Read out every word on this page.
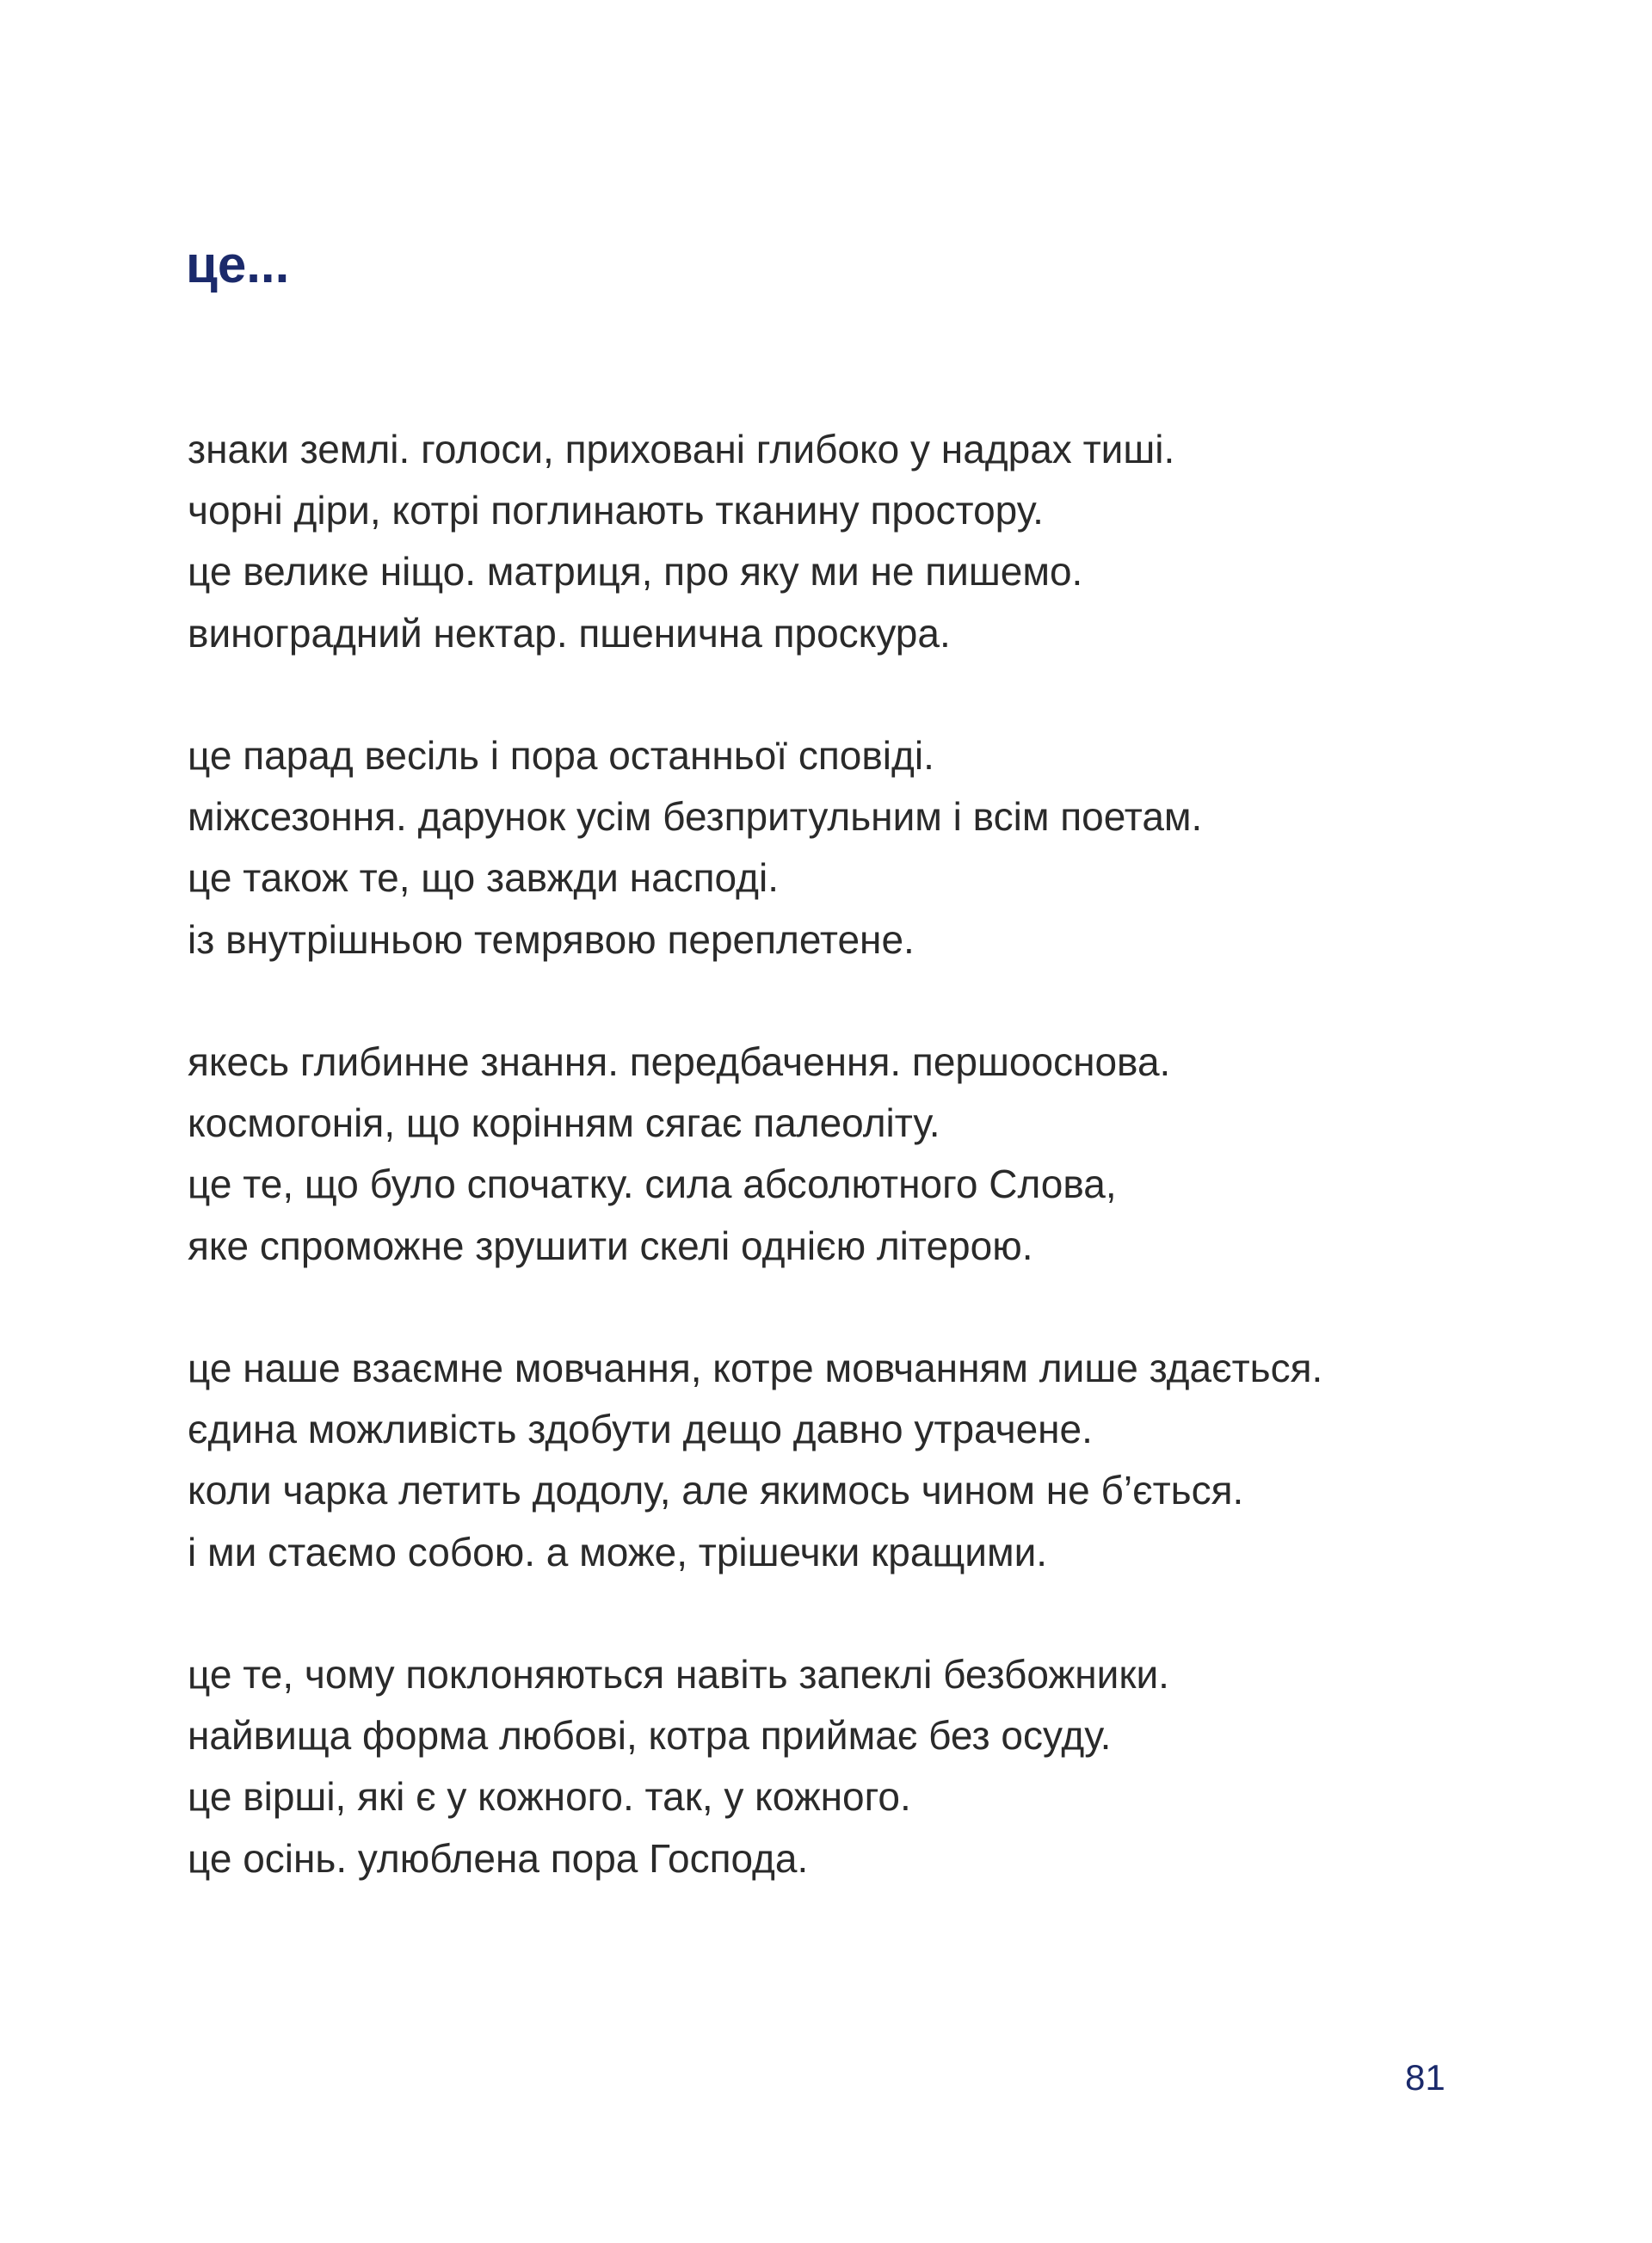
це...
знаки землі. голоси, приховані глибоко у надрах тиші.
чорні діри, котрі поглинають тканину простору.
це велике ніщо. матриця, про яку ми не пишемо.
виноградний нектар. пшенична проскура.
це парад весіль і пора останньої сповіді.
міжсезоння. дарунок усім безпритульним і всім поетам.
це також те, що завжди насподі.
із внутрішньою темрявою переплетене.
якесь глибинне знання. передбачення. першооснова.
космогонія, що корінням сягає палеоліту.
це те, що було спочатку. сила абсолютного Слова,
яке спроможне зрушити скелі однією літерою.
це наше взаємне мовчання, котре мовчанням лише здається.
єдина можливість здобути дещо давно утрачене.
коли чарка летить додолу, але якимось чином не б’ється.
і ми стаємо собою. а може, трішечки кращими.
це те, чому поклоняються навіть запеклі безбожники.
найвища форма любові, котра приймає без осуду.
це вірші, які є у кожного. так, у кожного.
це осінь. улюблена пора Господа.
81
